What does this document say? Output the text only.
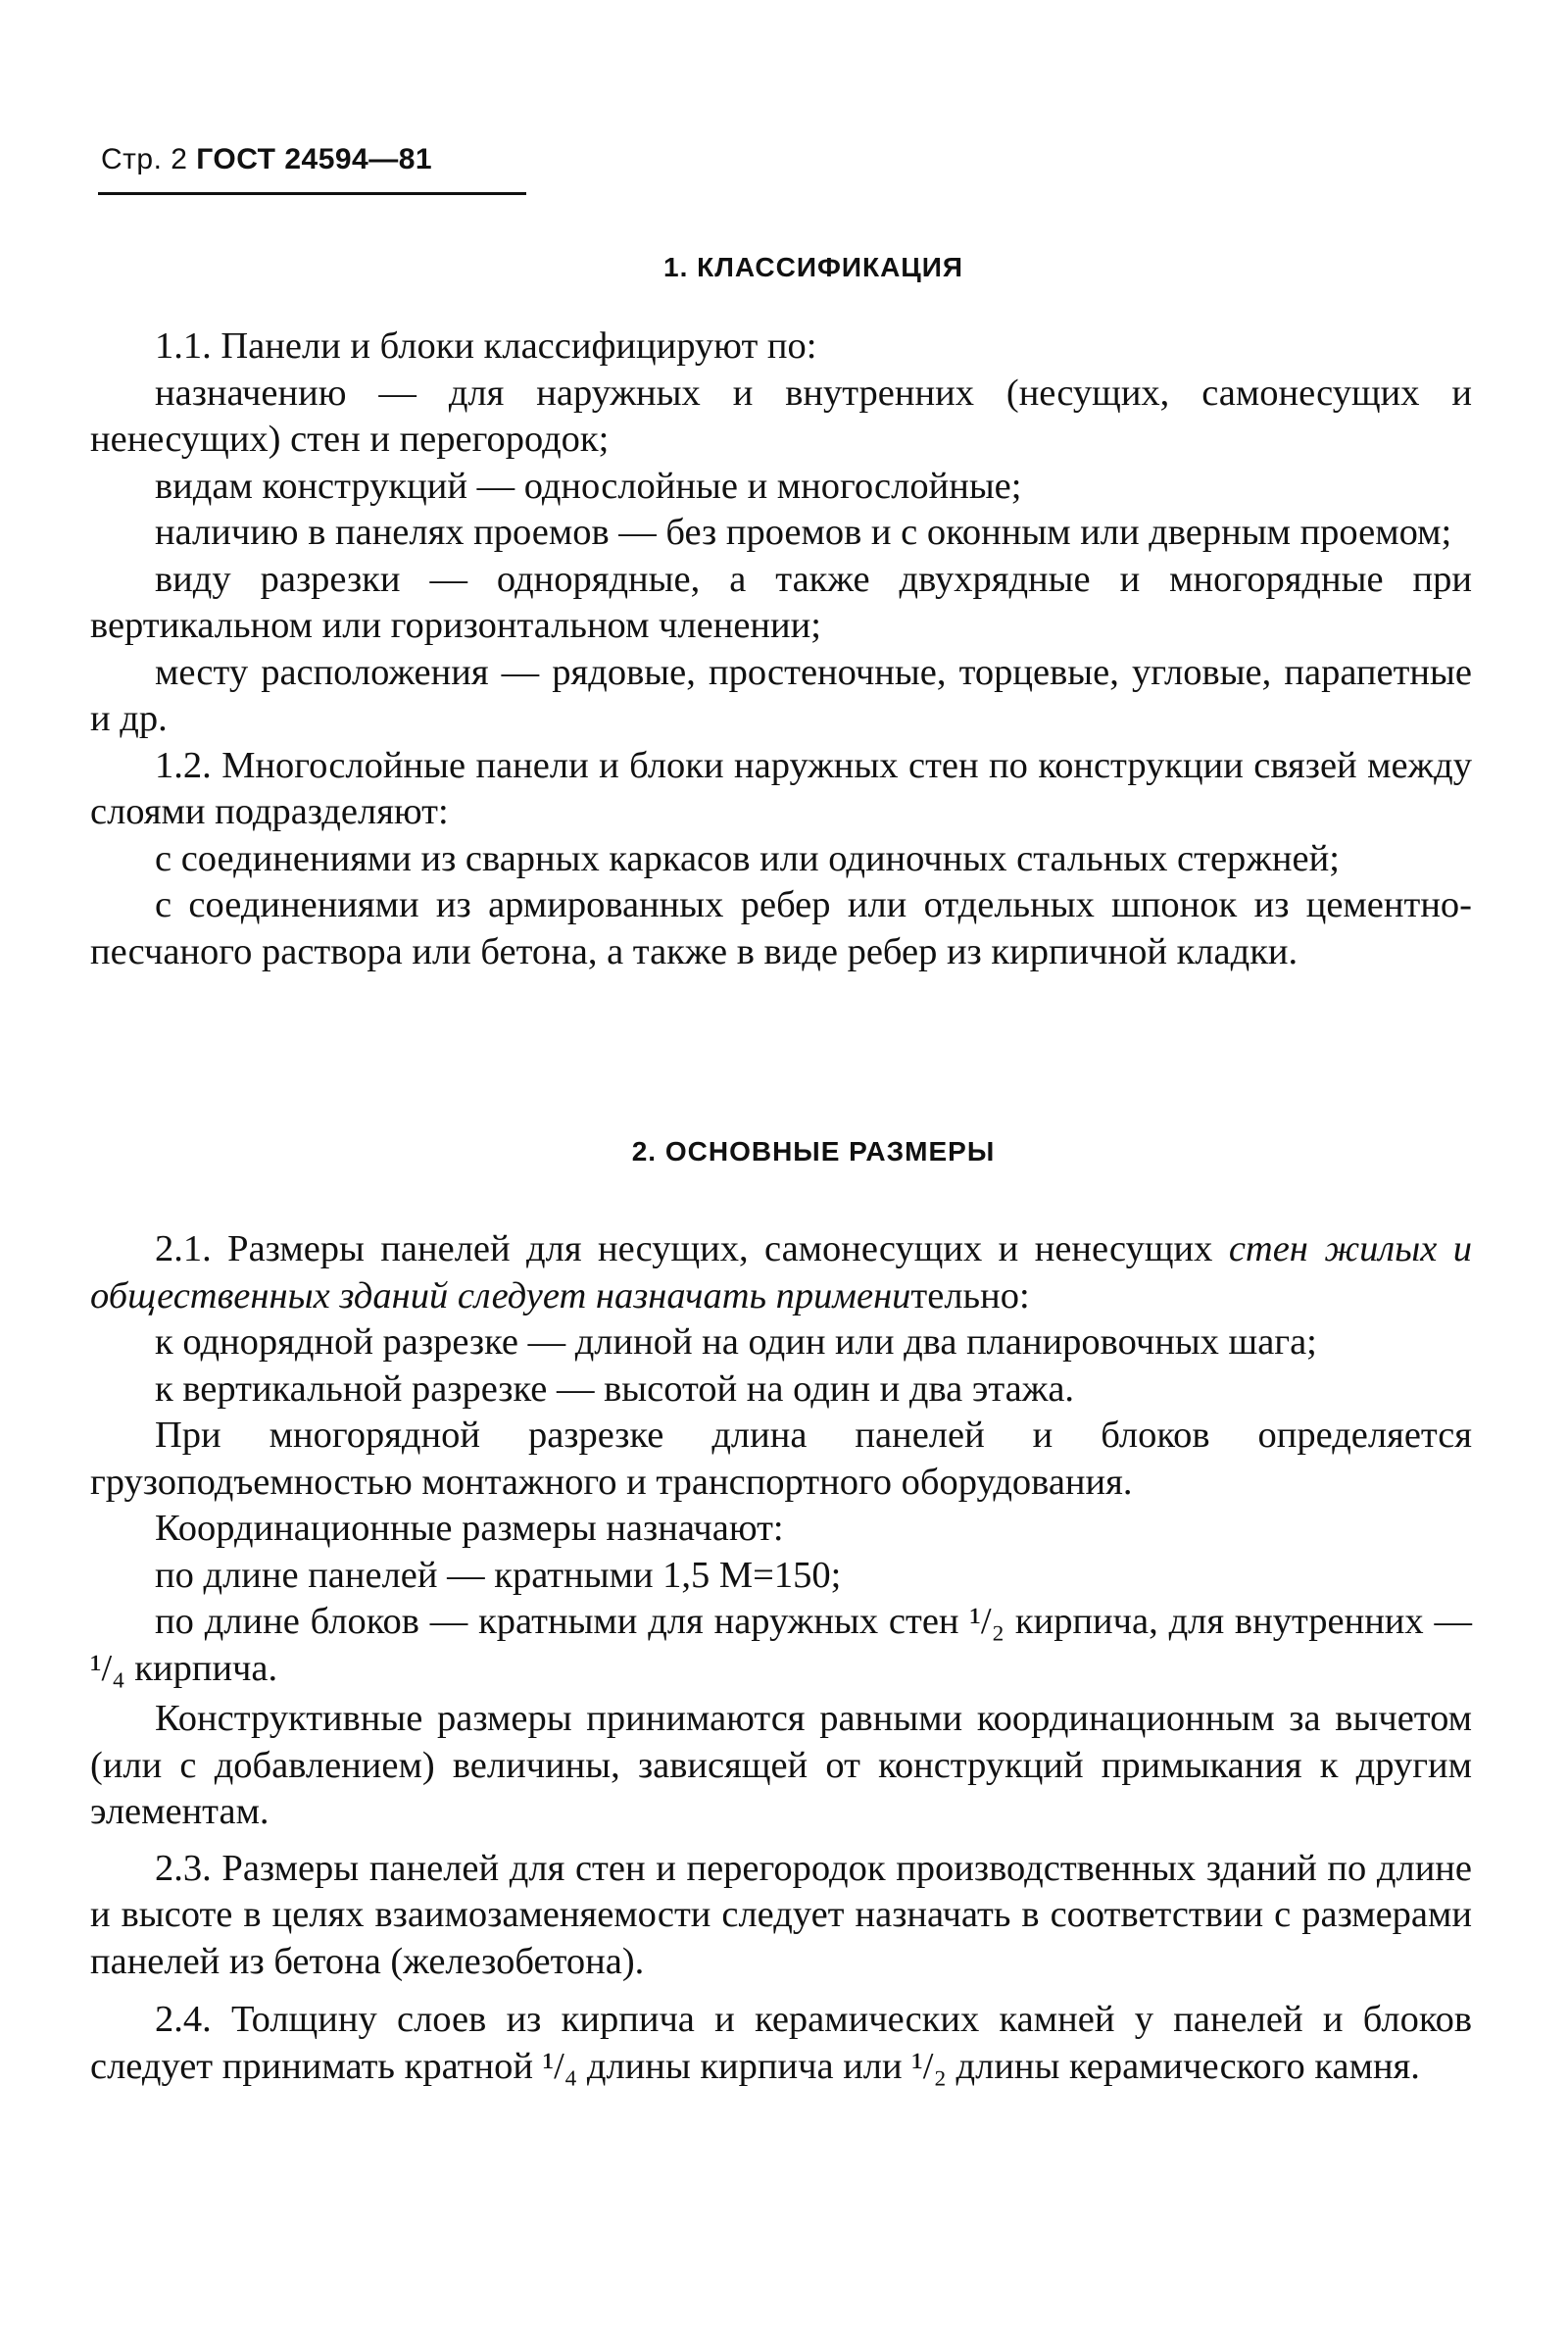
Стр. 2 ГОСТ 24594—81
1. КЛАССИФИКАЦИЯ

1.1. Панели и блоки классифицируют по:

назначению — для наружных и внутренних (несущих, самонесущих и ненесущих) стен и перегородок;

видам конструкций — однослойные и многослойные;

наличию в панелях проемов — без проемов и с оконным или дверным проемом;

виду разрезки — однорядные, а также двухрядные и многорядные при вертикальном или горизонтальном членении;

месту расположения — рядовые, простеночные, торцевые, угловые, парапетные и др.

1.2. Многослойные панели и блоки наружных стен по конструкции связей между слоями подразделяют:

с соединениями из сварных каркасов или одиночных стальных стержней;

с соединениями из армированных ребер или отдельных шпонок из цементно-песчаного раствора или бетона, а также в виде ребер из кирпичной кладки.

2. ОСНОВНЫЕ РАЗМЕРЫ

2.1. Размеры панелей для несущих, самонесущих и ненесущих стен жилых и общественных зданий следует назначать применительно:

к однорядной разрезке — длиной на один или два планировочных шага;

к вертикальной разрезке — высотой на один и два этажа.

При многорядной разрезке длина панелей и блоков определяется грузоподъемностью монтажного и транспортного оборудования.

Координационные размеры назначают:

по длине панелей — кратными 1,5 М=150;

по длине блоков — кратными для наружных стен ¹/₂ кирпича, для внутренних — ¹/₄ кирпича.

Конструктивные размеры принимаются равными координационным за вычетом (или с добавлением) величины, зависящей от конструкций примыкания к другим элементам.

2.3. Размеры панелей для стен и перегородок производственных зданий по длине и высоте в целях взаимозаменяемости следует назначать в соответствии с размерами панелей из бетона (железобетона).

2.4. Толщину слоев из кирпича и керамических камней у панелей и блоков следует принимать кратной ¹/₄ длины кирпича или ¹/₂ длины керамического камня.
